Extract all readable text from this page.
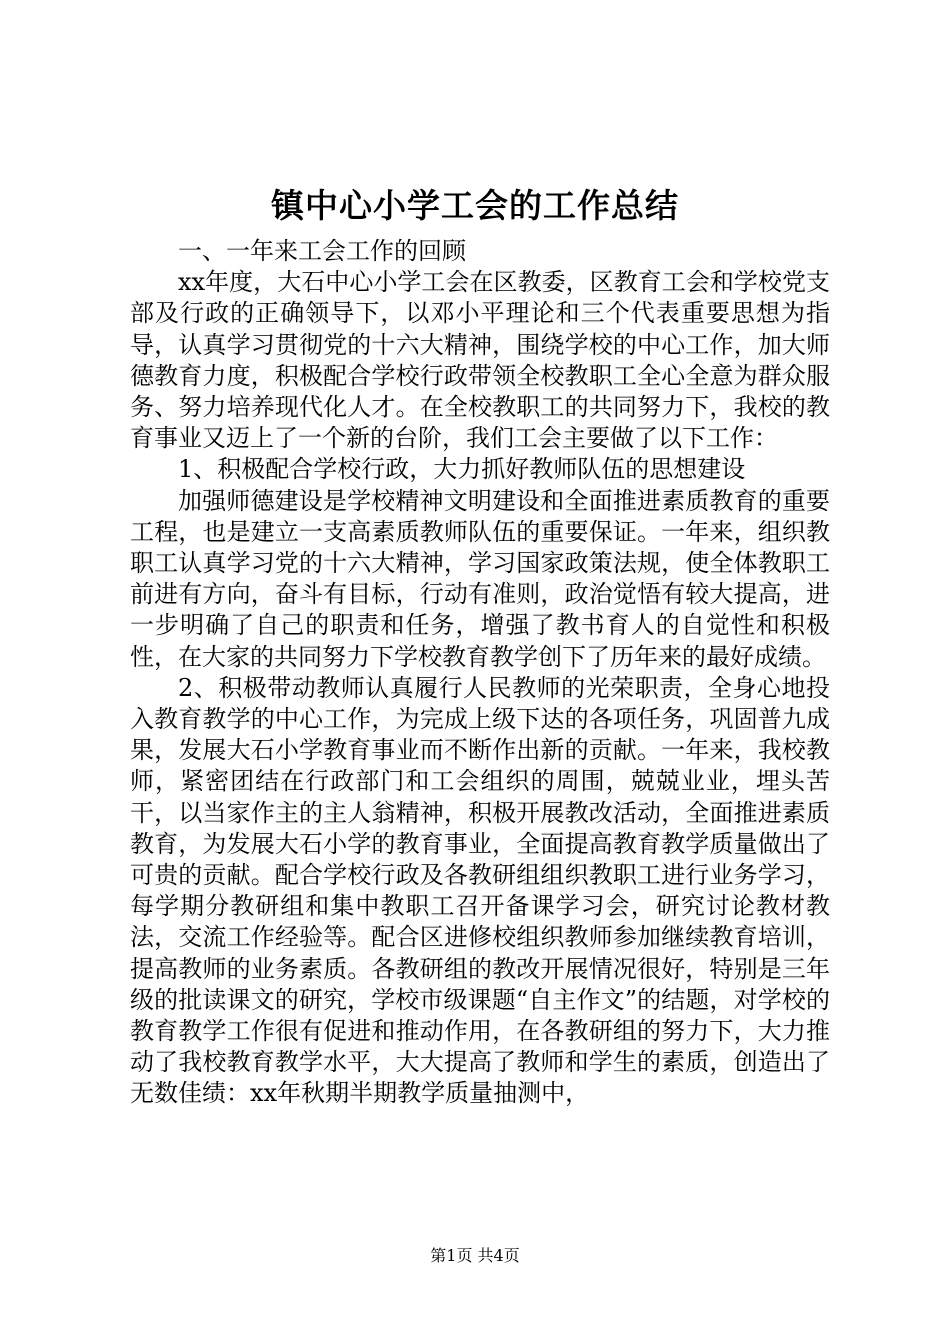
镇中心小学工会的工作总结

一、一年来工会工作的回顾

xx年度，大石中心小学工会在区教委，区教育工会和学校党支部及行政的正确领导下，以邓小平理论和三个代表重要思想为指导，认真学习贯彻党的十六大精神，围绕学校的中心工作，加大师德教育力度，积极配合学校行政带领全校教职工全心全意为群众服务、努力培养现代化人才。在全校教职工的共同努力下，我校的教育事业又迈上了一个新的台阶，我们工会主要做了以下工作：

1、积极配合学校行政，大力抓好教师队伍的思想建设

加强师德建设是学校精神文明建设和全面推进素质教育的重要工程，也是建立一支高素质教师队伍的重要保证。一年来，组织教职工认真学习党的十六大精神，学习国家政策法规，使全体教职工前进有方向，奋斗有目标，行动有准则，政治觉悟有较大提高，进一步明确了自己的职责和任务，增强了教书育人的自觉性和积极性，在大家的共同努力下学校教育教学创下了历年来的最好成绩。

2、积极带动教师认真履行人民教师的光荣职责，全身心地投入教育教学的中心工作，为完成上级下达的各项任务，巩固普九成果，发展大石小学教育事业而不断作出新的贡献。一年来，我校教师，紧密团结在行政部门和工会组织的周围，兢兢业业，埋头苦干，以当家作主的主人翁精神，积极开展教改活动，全面推进素质教育，为发展大石小学的教育事业，全面提高教育教学质量做出了可贵的贡献。配合学校行政及各教研组组织教职工进行业务学习，每学期分教研组和集中教职工召开备课学习会，研究讨论教材教法，交流工作经验等。配合区进修校组织教师参加继续教育培训，提高教师的业务素质。各教研组的教改开展情况很好，特别是三年级的批读课文的研究，学校市级课题“自主作文”的结题，对学校的教育教学工作很有促进和推动作用，在各教研组的努力下，大力推动了我校教育教学水平，大大提高了教师和学生的素质，创造出了无数佳绩：xx年秋期半期教学质量抽测中，

第1页 共4页
